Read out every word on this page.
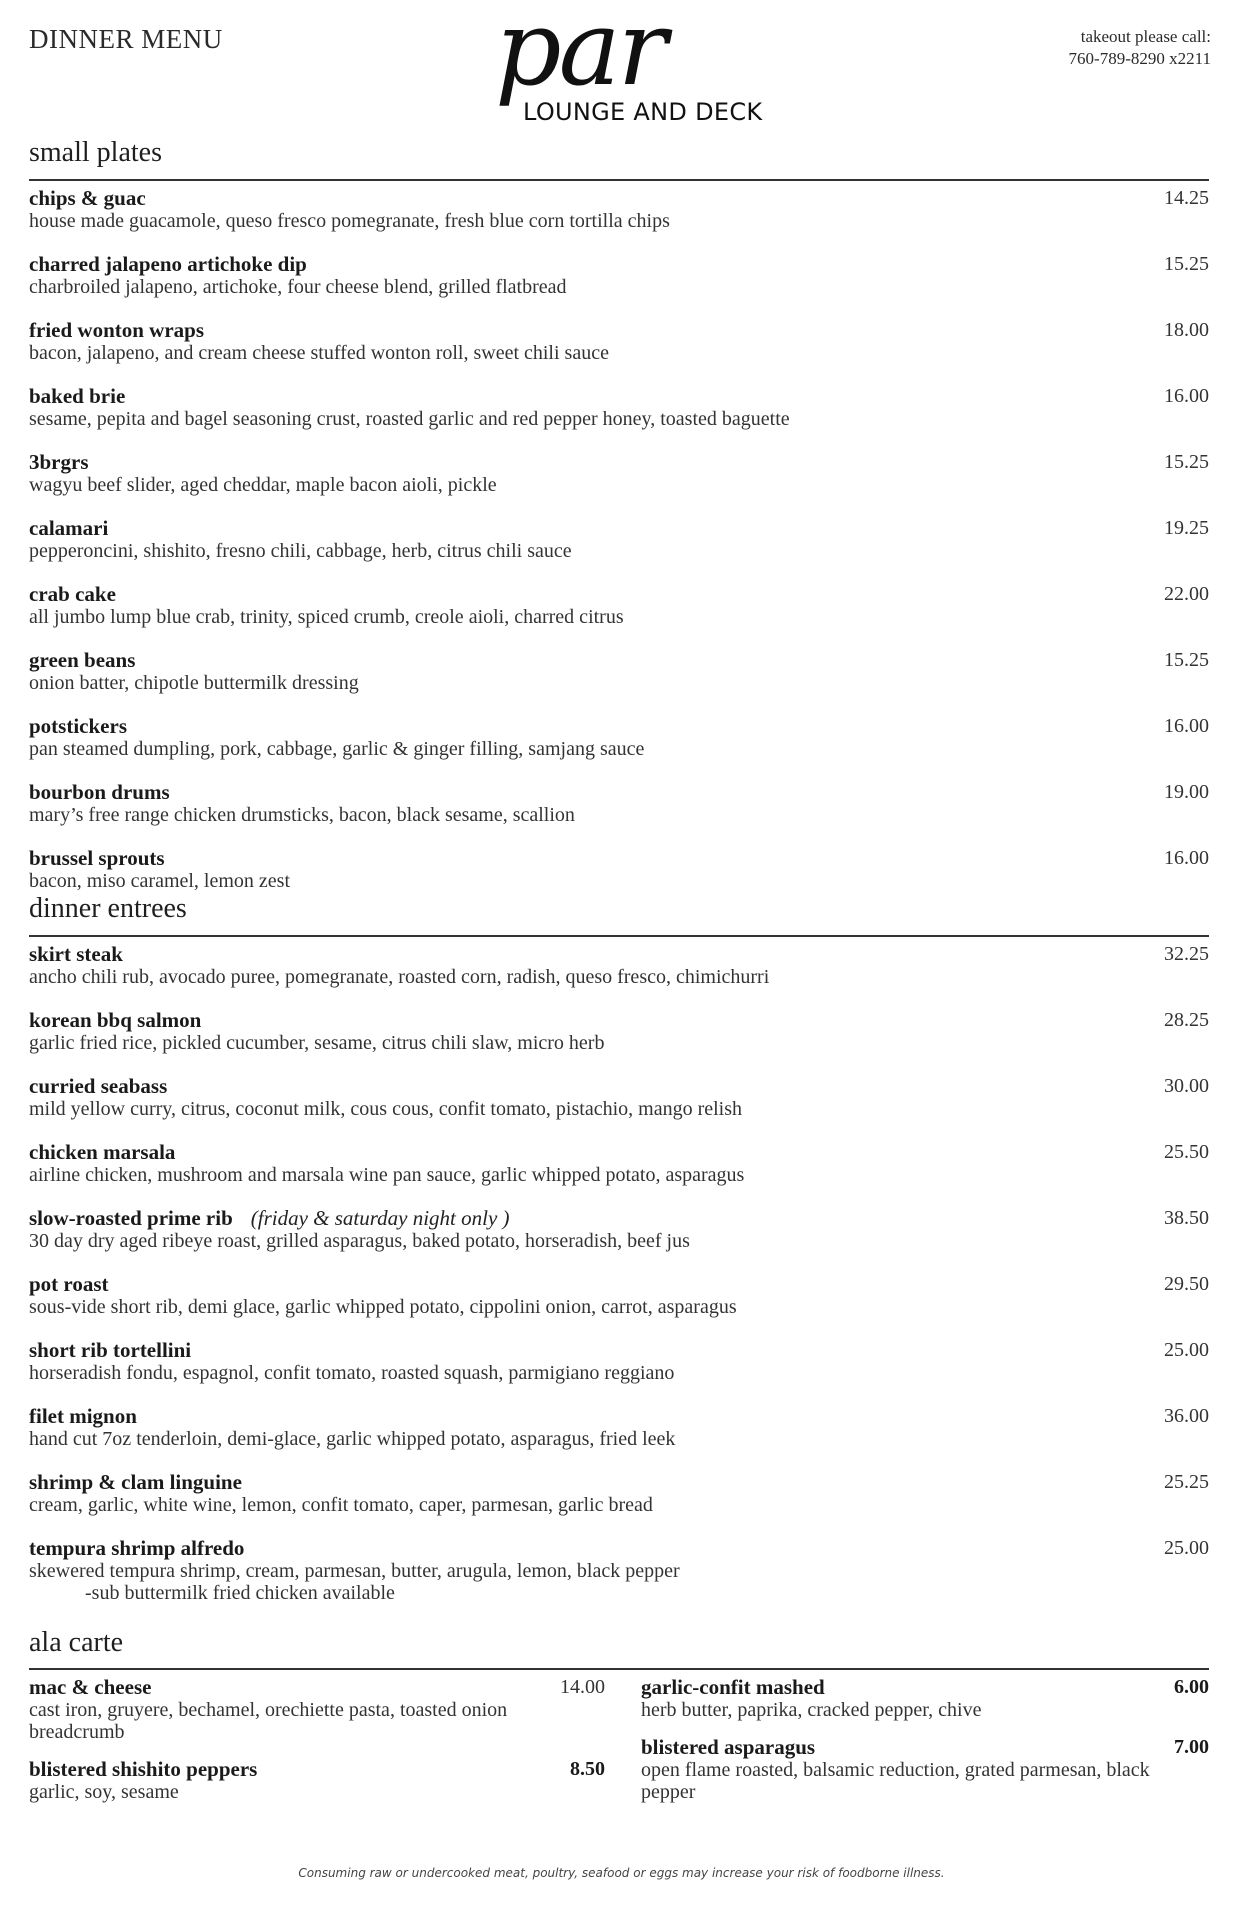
DINNER MENU	par
LOUNGE AND DECK
takeout please call:
760-789-8290 x2211
small plates
chips & guac	14.25
house made guacamole, queso fresco pomegranate, fresh blue corn tortilla chips
charred jalapeno artichoke dip	15.25
charbroiled jalapeno, artichoke, four cheese blend, grilled flatbread
fried wonton wraps	18.00
bacon, jalapeno, and cream cheese stuffed wonton roll, sweet chili sauce
baked brie	16.00
sesame, pepita and bagel seasoning crust, roasted garlic and red pepper honey, toasted baguette
3brgrs	15.25
wagyu beef slider, aged cheddar, maple bacon aioli, pickle
calamari	19.25
pepperoncini, shishito, fresno chili, cabbage, herb, citrus chili sauce
crab cake	22.00
all jumbo lump blue crab, trinity, spiced crumb, creole aioli, charred citrus
green beans	15.25
onion batter, chipotle buttermilk dressing
potstickers	16.00
pan steamed dumpling, pork, cabbage, garlic & ginger filling, samjang sauce
bourbon drums	19.00
mary’s free range chicken drumsticks, bacon, black sesame, scallion
brussel sprouts	16.00
bacon, miso caramel, lemon zest
dinner entrees
skirt steak	32.25
ancho chili rub, avocado puree, pomegranate, roasted corn, radish, queso fresco, chimichurri
korean bbq salmon	28.25
garlic fried rice, pickled cucumber, sesame, citrus chili slaw, micro herb
curried seabass	30.00
mild yellow curry, citrus, coconut milk, cous cous, confit tomato, pistachio, mango relish
chicken marsala	25.50
airline chicken, mushroom and marsala wine pan sauce, garlic whipped potato, asparagus
slow-roasted prime rib (friday & saturday night only )	38.50
30 day dry aged ribeye roast, grilled asparagus, baked potato, horseradish, beef jus
pot roast	29.50
sous-vide short rib, demi glace, garlic whipped potato, cippolini onion, carrot, asparagus
short rib tortellini	25.00
horseradish fondu, espagnol, confit tomato, roasted squash, parmigiano reggiano
filet mignon	36.00
hand cut 7oz tenderloin, demi-glace, garlic whipped potato, asparagus, fried leek
shrimp & clam linguine	25.25
cream, garlic, white wine, lemon, confit tomato, caper, parmesan, garlic bread
tempura shrimp alfredo	25.00
skewered tempura shrimp, cream, parmesan, butter, arugula, lemon, black pepper
-sub buttermilk fried chicken available
ala carte
mac & cheese	14.00
cast iron, gruyere, bechamel, orechiette pasta, toasted onion breadcrumb
blistered shishito peppers	8.50
garlic, soy, sesame
garlic-confit mashed	6.00
herb butter, paprika, cracked pepper, chive
blistered asparagus	7.00
open flame roasted, balsamic reduction, grated parmesan, black pepper
Consuming raw or undercooked meat, poultry, seafood or eggs may increase your risk of foodborne illness.
